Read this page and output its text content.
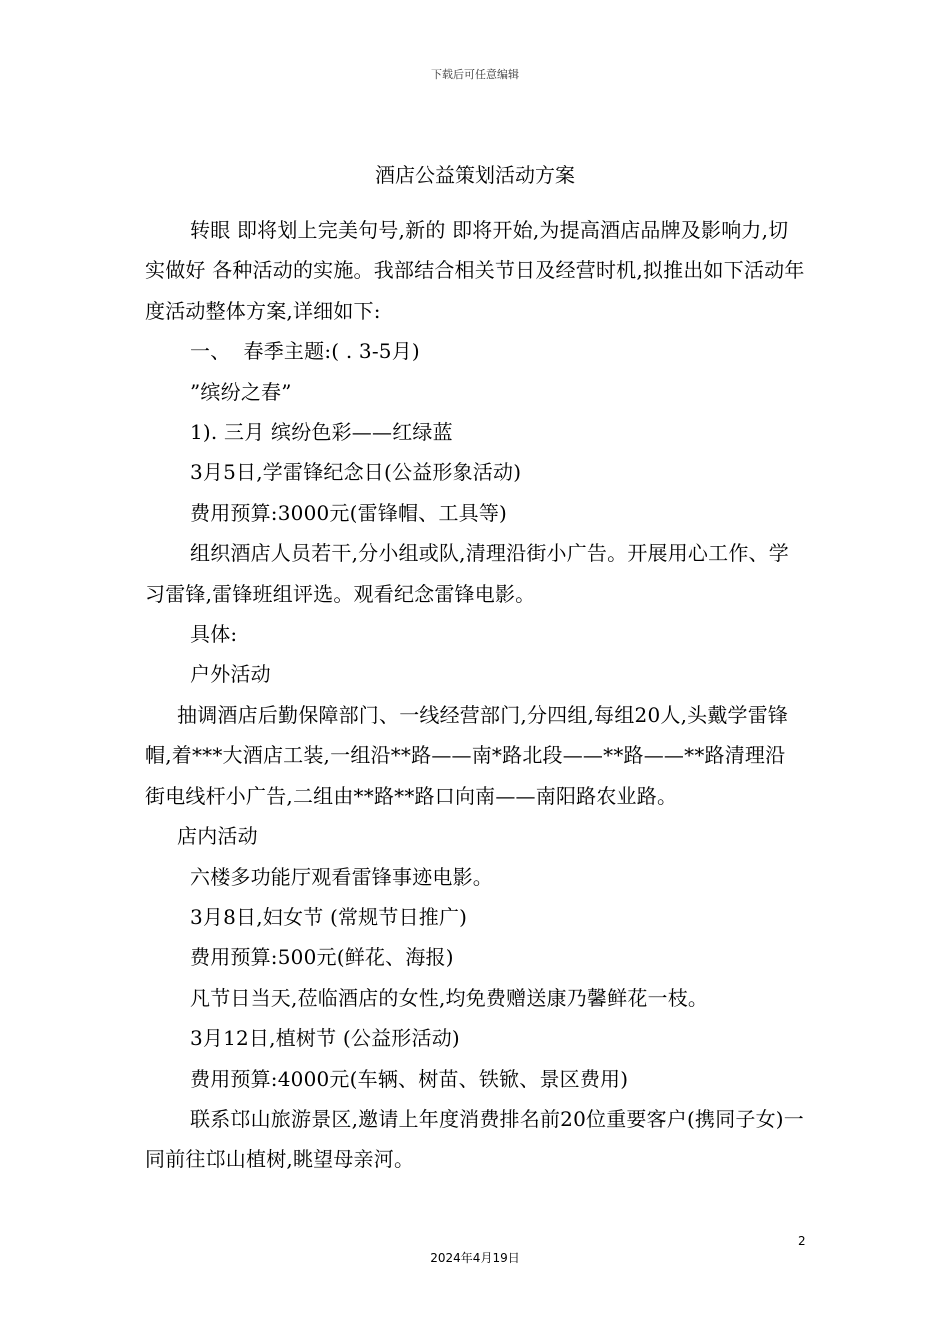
下载后可任意编辑
酒店公益策划活动方案

转眼 即将划上完美句号,新的 即将开始,为提高酒店品牌及影响力,切实做好 各种活动的实施。我部结合相关节日及经营时机,拟推出如下活动年度活动整体方案,详细如下:

一、  春季主题:( . 3-5月)

”缤纷之春”

1). 三月 缤纷色彩——红绿蓝

3月5日,学雷锋纪念日(公益形象活动)

费用预算:3000元(雷锋帽、工具等)

组织酒店人员若干,分小组或队,清理沿街小广告。开展用心工作、学习雷锋,雷锋班组评选。观看纪念雷锋电影。

具体:

户外活动

抽调酒店后勤保障部门、一线经营部门,分四组,每组20人,头戴学雷锋帽,着***大酒店工装,一组沿**路——南*路北段——**路——**路清理沿街电线杆小广告,二组由**路**路口向南——南阳路农业路。

店内活动

六楼多功能厅观看雷锋事迹电影。

3月8日,妇女节 (常规节日推广)

费用预算:500元(鲜花、海报)

凡节日当天,莅临酒店的女性,均免费赠送康乃馨鲜花一枝。

3月12日,植树节 (公益形活动)

费用预算:4000元(车辆、树苗、铁锨、景区费用)

联系邙山旅游景区,邀请上年度消费排名前20位重要客户(携同子女)一同前往邙山植树,眺望母亲河。

2
2024年4月19日
